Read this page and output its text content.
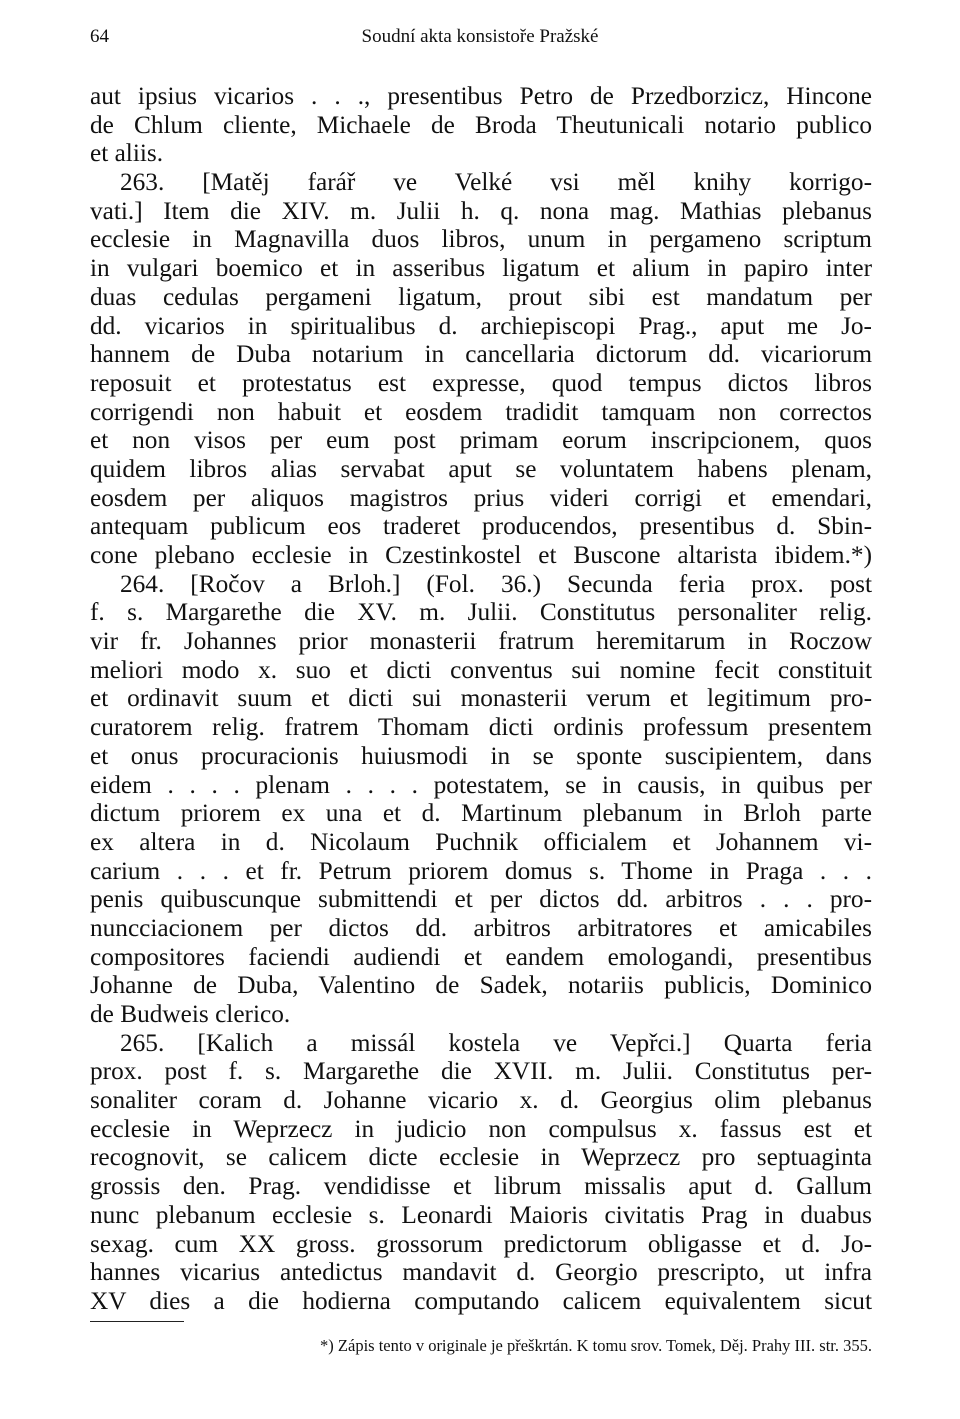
64	Soudní akta konsistoře Pražské
aut ipsius vicarios . . ., presentibus Petro de Przedborzicz, Hincone
de Chlum cliente, Michaele de Broda Theutunicali notario publico
et aliis.
263. [Matěj farář ve Velké vsi měl knihy korrigo-
vati.] Item die XIV. m. Julii h. q. nona mag. Mathias plebanus
ecclesie in Magnavilla duos libros, unum in pergameno scriptum
in vulgari boemico et in asseribus ligatum et alium in papiro inter
duas cedulas pergameni ligatum, prout sibi est mandatum per
dd. vicarios in spiritualibus d. archiepiscopi Prag., aput me Jo-
hannem de Duba notarium in cancellaria dictorum dd. vicariorum
reposuit et protestatus est expresse, quod tempus dictos libros
corrigendi non habuit et eosdem tradidit tamquam non correctos
et non visos per eum post primam eorum inscripcionem, quos
quidem libros alias servabat aput se voluntatem habens plenam,
eosdem per aliquos magistros prius videri corrigi et emendari,
antequam publicum eos traderet producendos, presentibus d. Sbin-
cone plebano ecclesie in Czestinkostel et Buscone altarista ibidem.*)
264. [Ročov a Brloh.] (Fol. 36.) Secunda feria prox. post
f. s. Margarethe die XV. m. Julii. Constitutus personaliter relig.
vir fr. Johannes prior monasterii fratrum heremitarum in Roczow
meliori modo x. suo et dicti conventus sui nomine fecit constituit
et ordinavit suum et dicti sui monasterii verum et legitimum pro-
curatorem relig. fratrem Thomam dicti ordinis professum presentem
et onus procuracionis huiusmodi in se sponte suscipientem, dans
eidem . . . . plenam . . . . potestatem, se in causis, in quibus per
dictum priorem ex una et d. Martinum plebanum in Brloh parte
ex altera in d. Nicolaum Puchnik officialem et Johannem vi-
carium . . . et fr. Petrum priorem domus s. Thome in Praga . . .
penis quibuscunque submittendi et per dictos dd. arbitros . . . pro-
nuncciacionem per dictos dd. arbitros arbitratores et amicabiles
compositores faciendi audiendi et eandem emologandi, presentibus
Johanne de Duba, Valentino de Sadek, notariis publicis, Dominico
de Budweis clerico.
265. [Kalich a missál kostela ve Vepřci.] Quarta feria
prox. post f. s. Margarethe die XVII. m. Julii. Constitutus per-
sonaliter coram d. Johanne vicario x. d. Georgius olim plebanus
ecclesie in Weprzecz in judicio non compulsus x. fassus est et
recognovit, se calicem dicte ecclesie in Weprzecz pro septuaginta
grossis den. Prag. vendidisse et librum missalis aput d. Gallum
nunc plebanum ecclesie s. Leonardi Maioris civitatis Prag in duabus
sexag. cum XX gross. grossorum predictorum obligasse et d. Jo-
hannes vicarius antedictus mandavit d. Georgio prescripto, ut infra
XV dies a die hodierna computando calicem equivalentem sicut
*) Zápis tento v originale je přeškrtán. K tomu srov. Tomek, Děj. Prahy III. str. 355.
